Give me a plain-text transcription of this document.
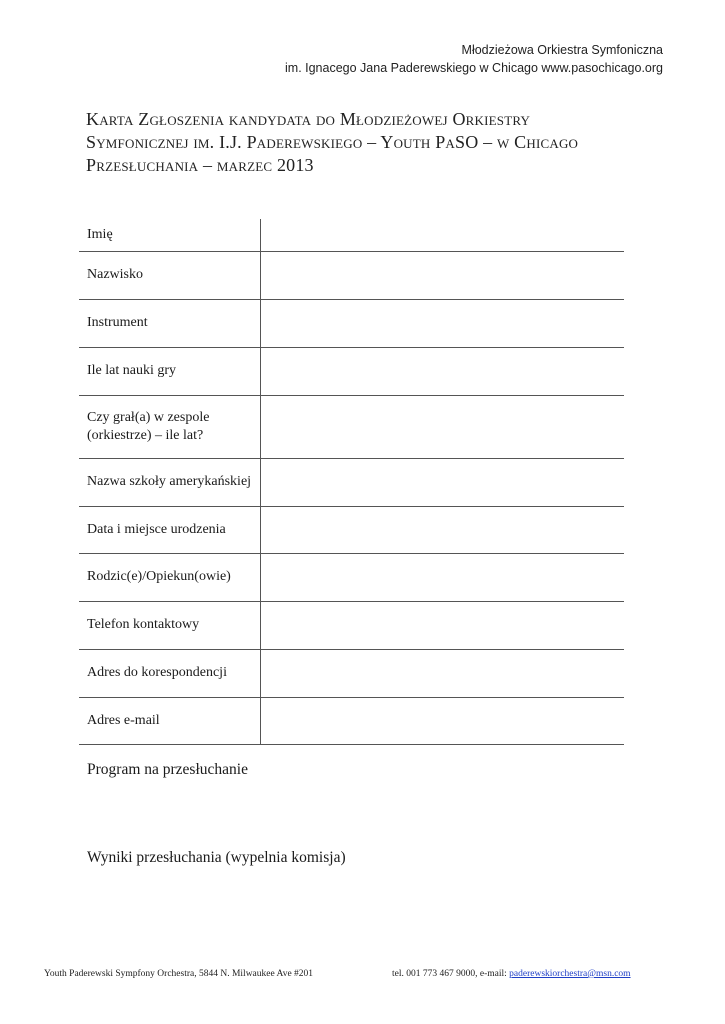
Młodzieżowa Orkiestra Symfoniczna
im. Ignacego Jana Paderewskiego w Chicago www.pasochicago.org
Karta Zgłoszenia kandydata do Młodzieżowej Orkiestry
Symfonicznej im. I.J. Paderewskiego – Youth PaSO – w Chicago
Przesłuchania – marzec 2013
Imię	
Nazwisko	
Instrument	
Ile lat nauki gry	
Czy grał(a) w zespole (orkiestrze) – ile lat?	
Nazwa szkoły amerykańskiej	
Data i miejsce urodzenia	
Rodzic(e)/Opiekun(owie)	
Telefon kontaktowy	
Adres do korespondencji	
Adres e-mail	
Program na przesłuchanie
Wyniki przesłuchania (wypelnia komisja)
Youth Paderewski Sympfony Orchestra, 5844 N. Milwaukee Ave #201	tel. 001 773 467 9000, e-mail: paderewskiorchestra@msn.com
